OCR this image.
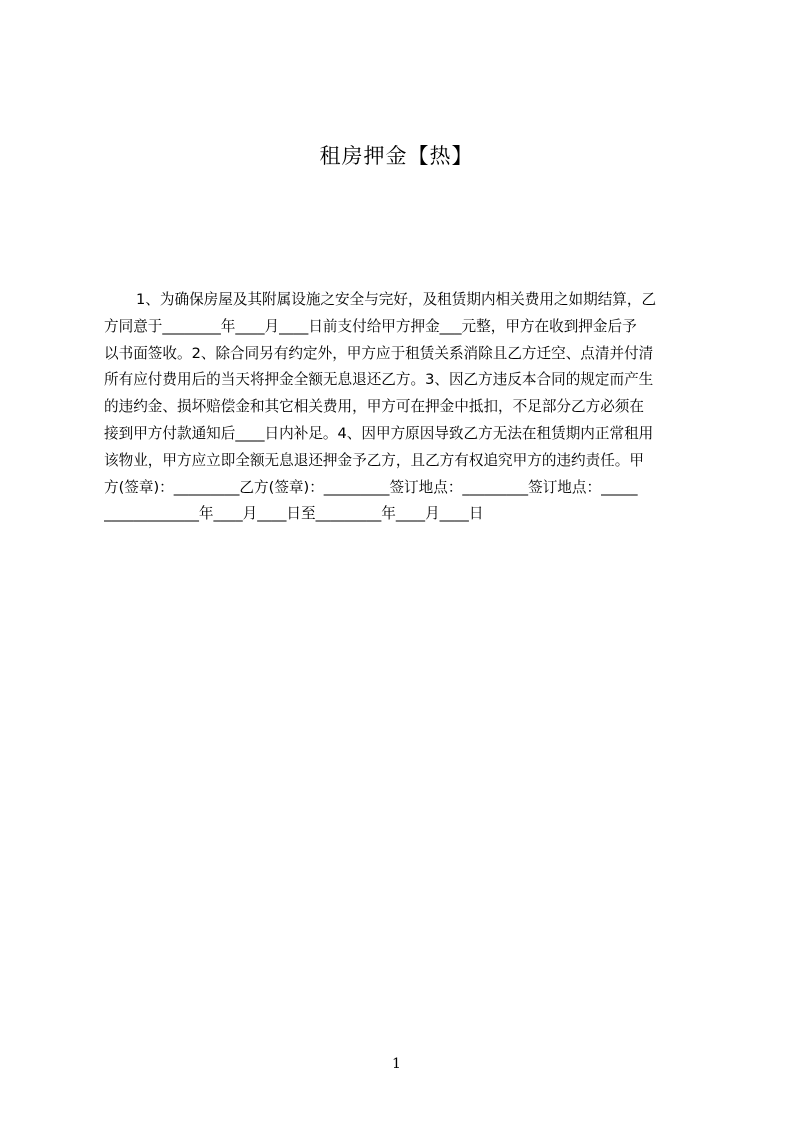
租房押金【热】
1、为确保房屋及其附属设施之安全与完好，及租赁期内相关费用之如期结算，乙
方同意于________年____月____日前支付给甲方押金___元整，甲方在收到押金后予
以书面签收。2、除合同另有约定外，甲方应于租赁关系消除且乙方迁空、点清并付清
所有应付费用后的当天将押金全额无息退还乙方。3、因乙方违反本合同的规定而产生
的违约金、损坏赔偿金和其它相关费用，甲方可在押金中抵扣，不足部分乙方必须在
接到甲方付款通知后____日内补足。4、因甲方原因导致乙方无法在租赁期内正常租用
该物业，甲方应立即全额无息退还押金予乙方，且乙方有权追究甲方的违约责任。甲
方(签章)：_________乙方(签章)：_________签订地点：_________签订地点：_____
_____________年____月____日至_________年____月____日
1
